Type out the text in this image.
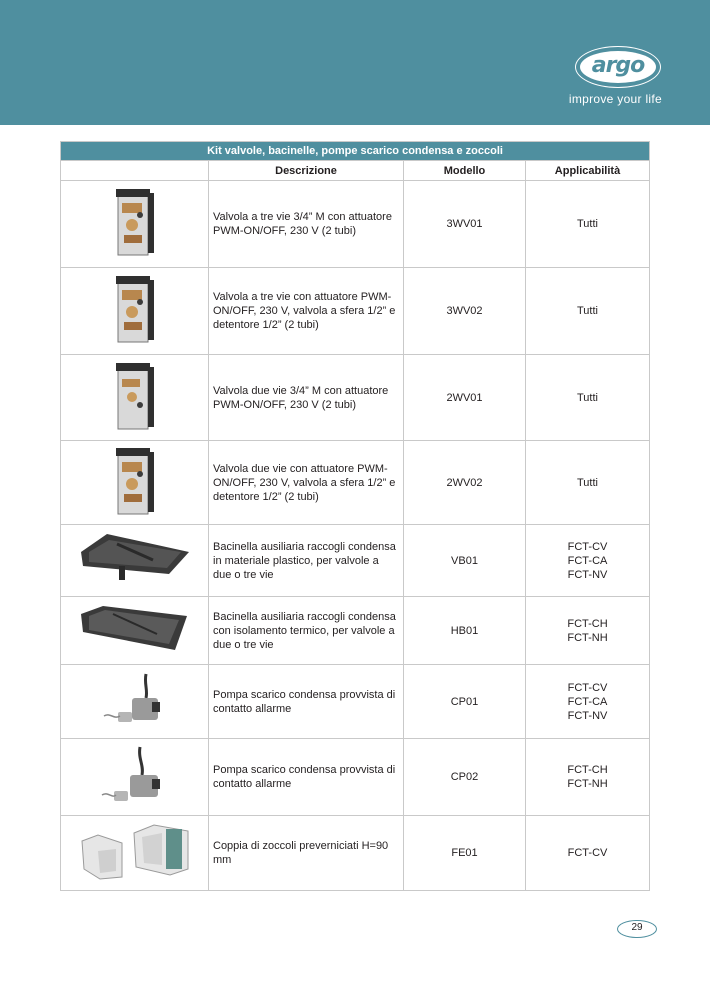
argo
improve your life
Kit valvole, bacinelle, pompe scarico condensa e zoccoli			
	Descrizione	Modello	Applicabilità
	Valvola a tre vie 3/4” M con attuatore PWM-ON/OFF, 230 V (2 tubi)	3WV01	Tutti

	Valvola a tre vie con attuatore PWM-ON/OFF, 230 V, valvola a sfera 1/2” e detentore 1/2” (2 tubi)	3WV02	Tutti

	Valvola due vie 3/4” M con attuatore PWM-ON/OFF, 230 V (2 tubi)	2WV01	Tutti

	Valvola due vie con attuatore PWM-ON/OFF, 230 V, valvola a sfera 1/2” e detentore 1/2” (2 tubi)	2WV02	Tutti

	Bacinella ausiliaria raccogli condensa in materiale plastico, per valvole a due o tre vie	VB01	FCT-CV
FCT-CA
FCT-NV

	Bacinella ausiliaria raccogli condensa con isolamento termico, per valvole a due o tre vie	HB01	FCT-CH
FCT-NH

	Pompa scarico condensa provvista di contatto allarme	CP01	FCT-CV
FCT-CA
FCT-NV

	Pompa scarico condensa provvista di contatto allarme	CP02	FCT-CH
FCT-NH

	Coppia di zoccoli preverniciati H=90 mm	FE01	FCT-CV
29
